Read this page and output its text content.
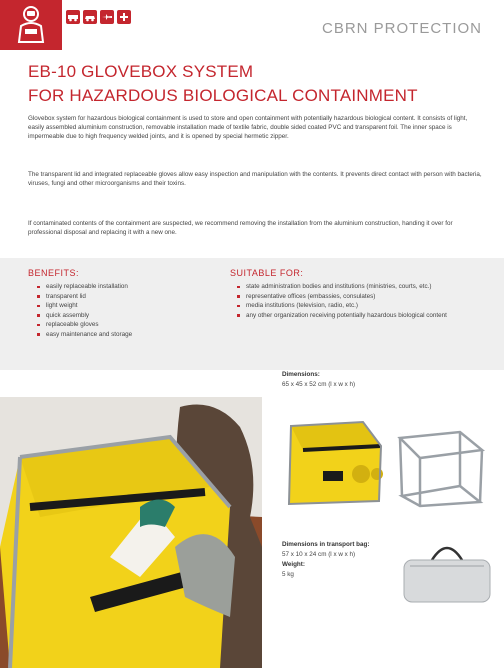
CBRN PROTECTION
EB-10 GLOVEBOX SYSTEM
FOR HAZARDOUS BIOLOGICAL CONTAINMENT

Glovebox system for hazardous biological containment is used to store and open containment with potentially hazardous biological content. It consists of light, easily assembled aluminium construction, removable installation made of textile fabric, double sided coated PVC and transparent foil. The inner space is impermeable due to high frequency welded joints, and it is opened by special hermetic zipper.

The transparent lid and integrated replaceable gloves allow easy inspection and manipulation with the contents. It prevents direct contact with person with bacteria, viruses, fungi and other microorganisms and their toxins.

If contaminated contents of the containment are suspected, we recommend removing the installation from the aluminium construction, handing it over for professional disposal and replacing it with a new one.

BENEFITS:
easily replaceable installation
transparent lid
light weight
quick assembly
replaceable gloves
easy maintenance and storage
SUITABLE FOR:
state administration bodies and institutions (ministries, courts, etc.)
representative offices (embassies, consulates)
media institutions (television, radio, etc.)
any other organization receiving potentially hazardous biological content
Dimensions:
65 x 45 x 52 cm (l x w x h)
Dimensions in transport bag:
57 x 10 x 24 cm (l x w x h)
Weight:
5 kg
